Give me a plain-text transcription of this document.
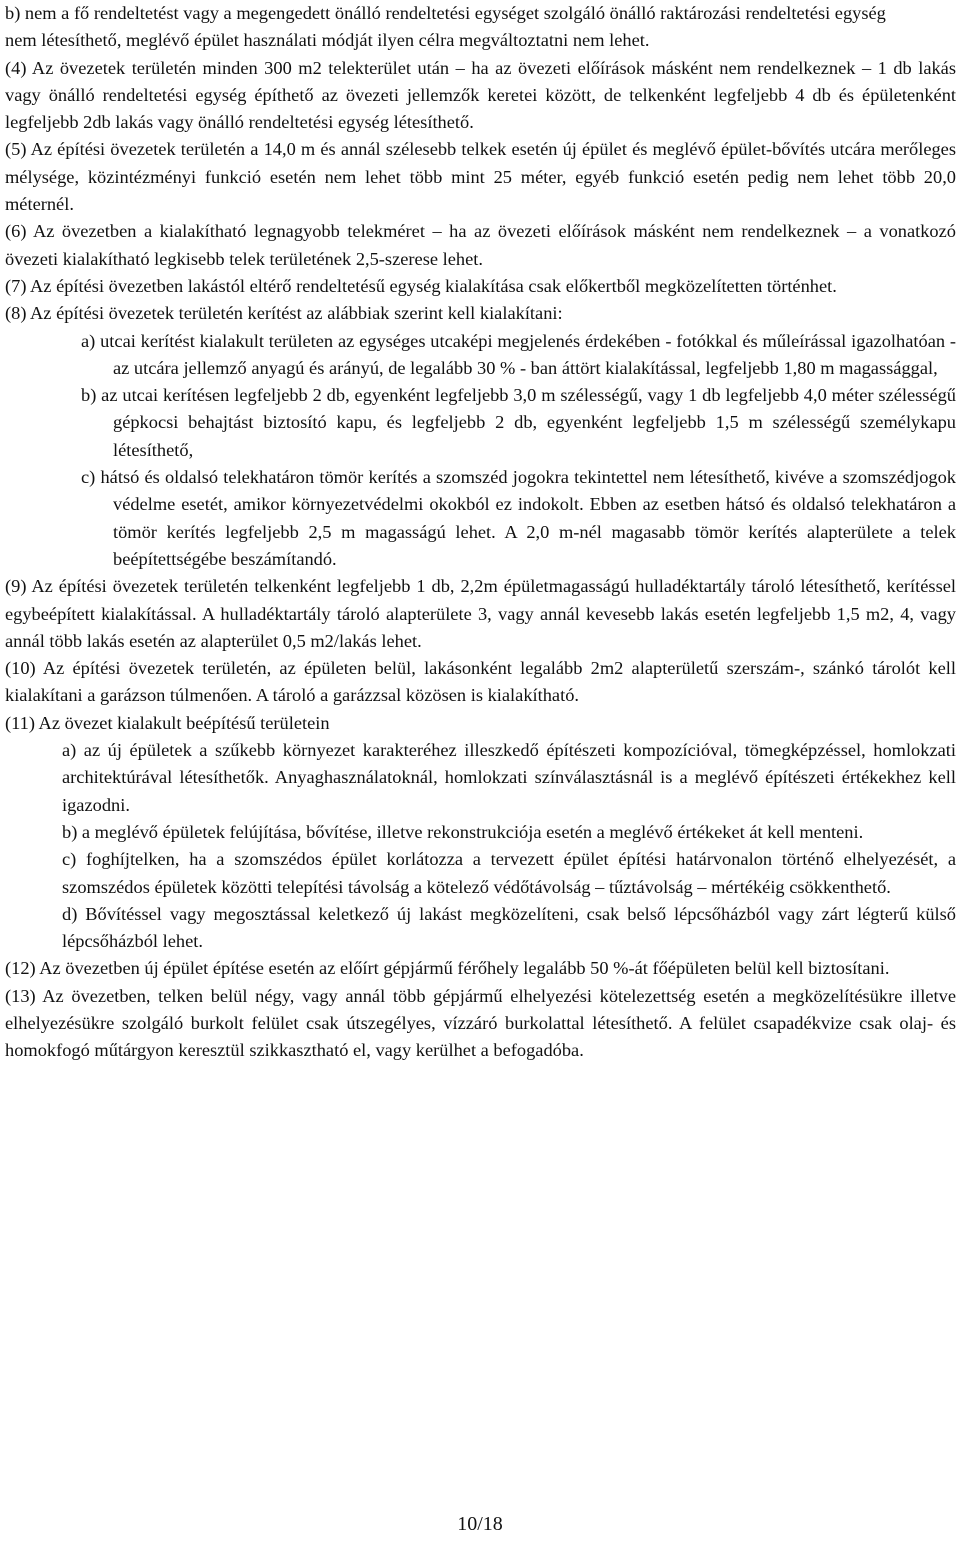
b) nem a fő rendeltetést vagy a megengedett önálló rendeltetési egységet szolgáló önálló raktározási rendeltetési egység

nem létesíthető, meglévő épület használati módját ilyen célra megváltoztatni nem lehet.

(4) Az övezetek területén minden 300 m2 telekterület után – ha az övezeti előírások másként nem rendelkeznek – 1 db lakás vagy önálló rendeltetési egység építhető az övezeti jellemzők keretei között, de telkenként legfeljebb 4 db és épületenként legfeljebb 2db lakás vagy önálló rendeltetési egység létesíthető.

(5) Az építési övezetek területén a 14,0 m és annál szélesebb telkek esetén új épület és meglévő épület-bővítés utcára merőleges mélysége, közintézményi funkció esetén nem lehet több mint 25 méter, egyéb funkció esetén pedig nem lehet több 20,0 méternél.

(6) Az övezetben a kialakítható legnagyobb telekméret – ha az övezeti előírások másként nem rendelkeznek – a vonatkozó övezeti kialakítható legkisebb telek területének 2,5-szerese lehet.

(7) Az építési övezetben lakástól eltérő rendeltetésű egység kialakítása csak előkertből megközelítetten történhet.

(8) Az építési övezetek területén kerítést az alábbiak szerint kell kialakítani:

a) utcai kerítést kialakult területen az egységes utcaképi megjelenés érdekében - fotókkal és műleírással igazolhatóan - az utcára jellemző anyagú és arányú, de legalább 30 % - ban áttört kialakítással, legfeljebb 1,80 m magassággal,

b) az utcai kerítésen legfeljebb 2 db, egyenként legfeljebb 3,0 m szélességű, vagy 1 db legfeljebb 4,0 méter szélességű gépkocsi behajtást biztosító kapu, és legfeljebb 2 db, egyenként legfeljebb 1,5 m szélességű személykapu létesíthető,

c) hátsó és oldalsó telekhatáron tömör kerítés a szomszéd jogokra tekintettel nem létesíthető, kivéve a szomszédjogok védelme esetét, amikor környezetvédelmi okokból ez indokolt. Ebben az esetben hátsó és oldalsó telekhatáron a tömör kerítés legfeljebb 2,5 m magasságú lehet. A 2,0 m-nél magasabb tömör kerítés alapterülete a telek beépítettségébe beszámítandó.

(9) Az építési övezetek területén telkenként legfeljebb 1 db, 2,2m épületmagasságú hulladéktartály tároló létesíthető, kerítéssel egybeépített kialakítással. A hulladéktartály tároló alapterülete 3, vagy annál kevesebb lakás esetén legfeljebb 1,5 m2, 4, vagy annál több lakás esetén az alapterület 0,5 m2/lakás lehet.

(10) Az építési övezetek területén, az épületen belül, lakásonként legalább 2m2 alapterületű szerszám-, szánkó tárolót kell kialakítani a garázson túlmenően. A tároló a garázzsal közösen is kialakítható.

(11) Az övezet kialakult beépítésű területein

a) az új épületek a szűkebb környezet karakteréhez illeszkedő építészeti kompozícióval, tömegképzéssel, homlokzati architektúrával létesíthetők. Anyaghasználatoknál, homlokzati színválasztásnál is a meglévő építészeti értékekhez kell igazodni.

b) a meglévő épületek felújítása, bővítése, illetve rekonstrukciója esetén a meglévő értékeket át kell menteni.

c) foghíjtelken, ha a szomszédos épület korlátozza a tervezett épület építési határvonalon történő elhelyezését, a szomszédos épületek közötti telepítési távolság a kötelező védőtávolság – tűztávolság – mértékéig csökkenthető.

d) Bővítéssel vagy megosztással keletkező új lakást megközelíteni, csak belső lépcsőházból vagy zárt légterű külső lépcsőházból lehet.

(12) Az övezetben új épület építése esetén az előírt gépjármű férőhely legalább 50 %-át főépületen belül kell biztosítani.

(13) Az övezetben, telken belül négy, vagy annál több gépjármű elhelyezési kötelezettség esetén a megközelítésükre illetve elhelyezésükre szolgáló burkolt felület csak útszegélyes, vízzáró burkolattal létesíthető. A felület csapadékvize csak olaj- és homokfogó műtárgyon keresztül szikkasztható el, vagy kerülhet a befogadóba.

10/18
